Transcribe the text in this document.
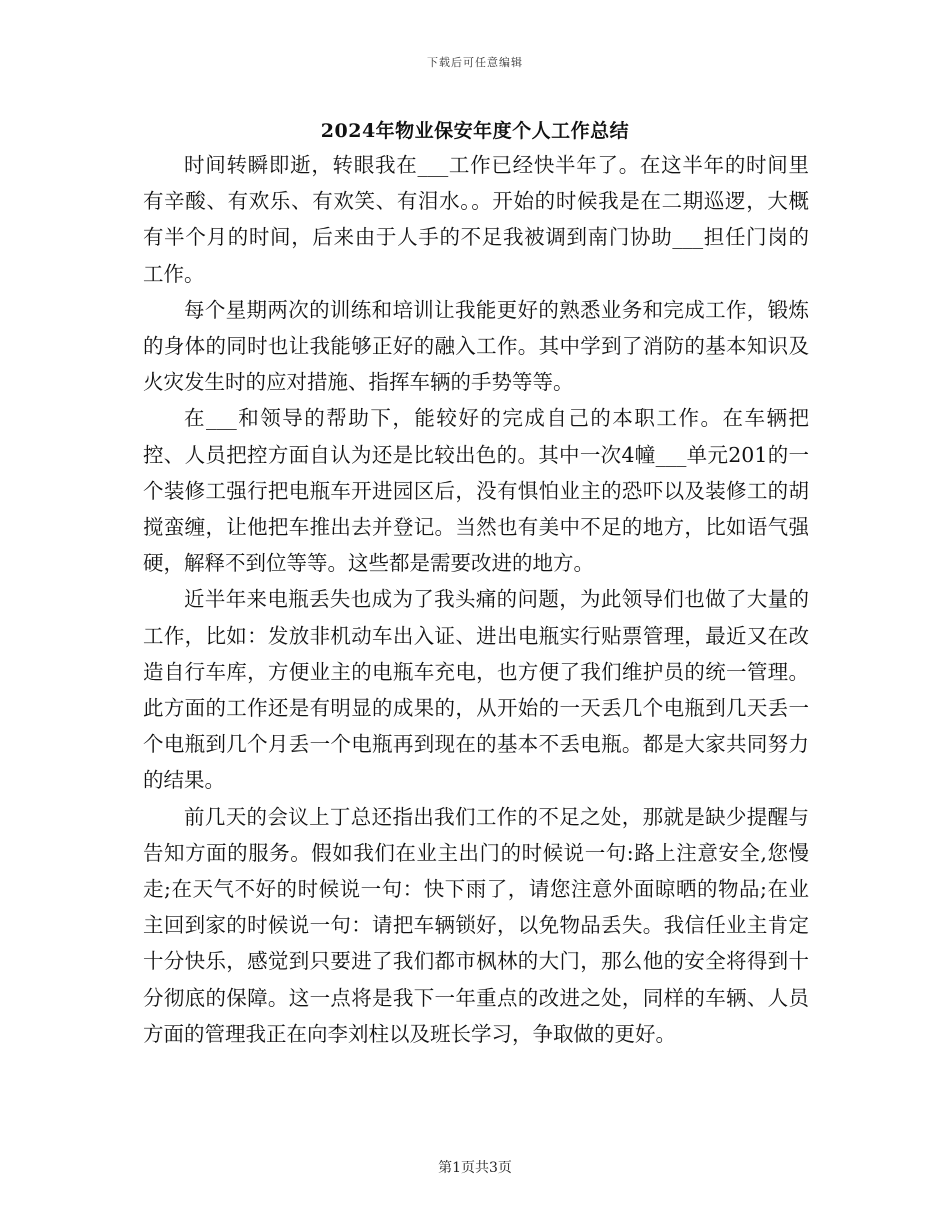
下载后可任意编辑
2024年物业保安年度个人工作总结

时间转瞬即逝，转眼我在___工作已经快半年了。在这半年的时间里有辛酸、有欢乐、有欢笑、有泪水。。开始的时候我是在二期巡逻，大概有半个月的时间，后来由于人手的不足我被调到南门协助___担任门岗的工作。

每个星期两次的训练和培训让我能更好的熟悉业务和完成工作，锻炼的身体的同时也让我能够正好的融入工作。其中学到了消防的基本知识及火灾发生时的应对措施、指挥车辆的手势等等。

在___和领导的帮助下，能较好的完成自己的本职工作。在车辆把控、人员把控方面自认为还是比较出色的。其中一次4幢___单元201的一个装修工强行把电瓶车开进园区后，没有惧怕业主的恐吓以及装修工的胡搅蛮缠，让他把车推出去并登记。当然也有美中不足的地方，比如语气强硬，解释不到位等等。这些都是需要改进的地方。

近半年来电瓶丢失也成为了我头痛的问题，为此领导们也做了大量的工作，比如：发放非机动车出入证、进出电瓶实行贴票管理，最近又在改造自行车库，方便业主的电瓶车充电，也方便了我们维护员的统一管理。此方面的工作还是有明显的成果的，从开始的一天丢几个电瓶到几天丢一个电瓶到几个月丢一个电瓶再到现在的基本不丢电瓶。都是大家共同努力的结果。

前几天的会议上丁总还指出我们工作的不足之处，那就是缺少提醒与告知方面的服务。假如我们在业主出门的时候说一句:路上注意安全,您慢走;在天气不好的时候说一句：快下雨了，请您注意外面晾晒的物品;在业主回到家的时候说一句：请把车辆锁好，以免物品丢失。我信任业主肯定十分快乐，感觉到只要进了我们都市枫林的大门，那么他的安全将得到十分彻底的保障。这一点将是我下一年重点的改进之处，同样的车辆、人员方面的管理我正在向李刘柱以及班长学习，争取做的更好。

第1页共3页
